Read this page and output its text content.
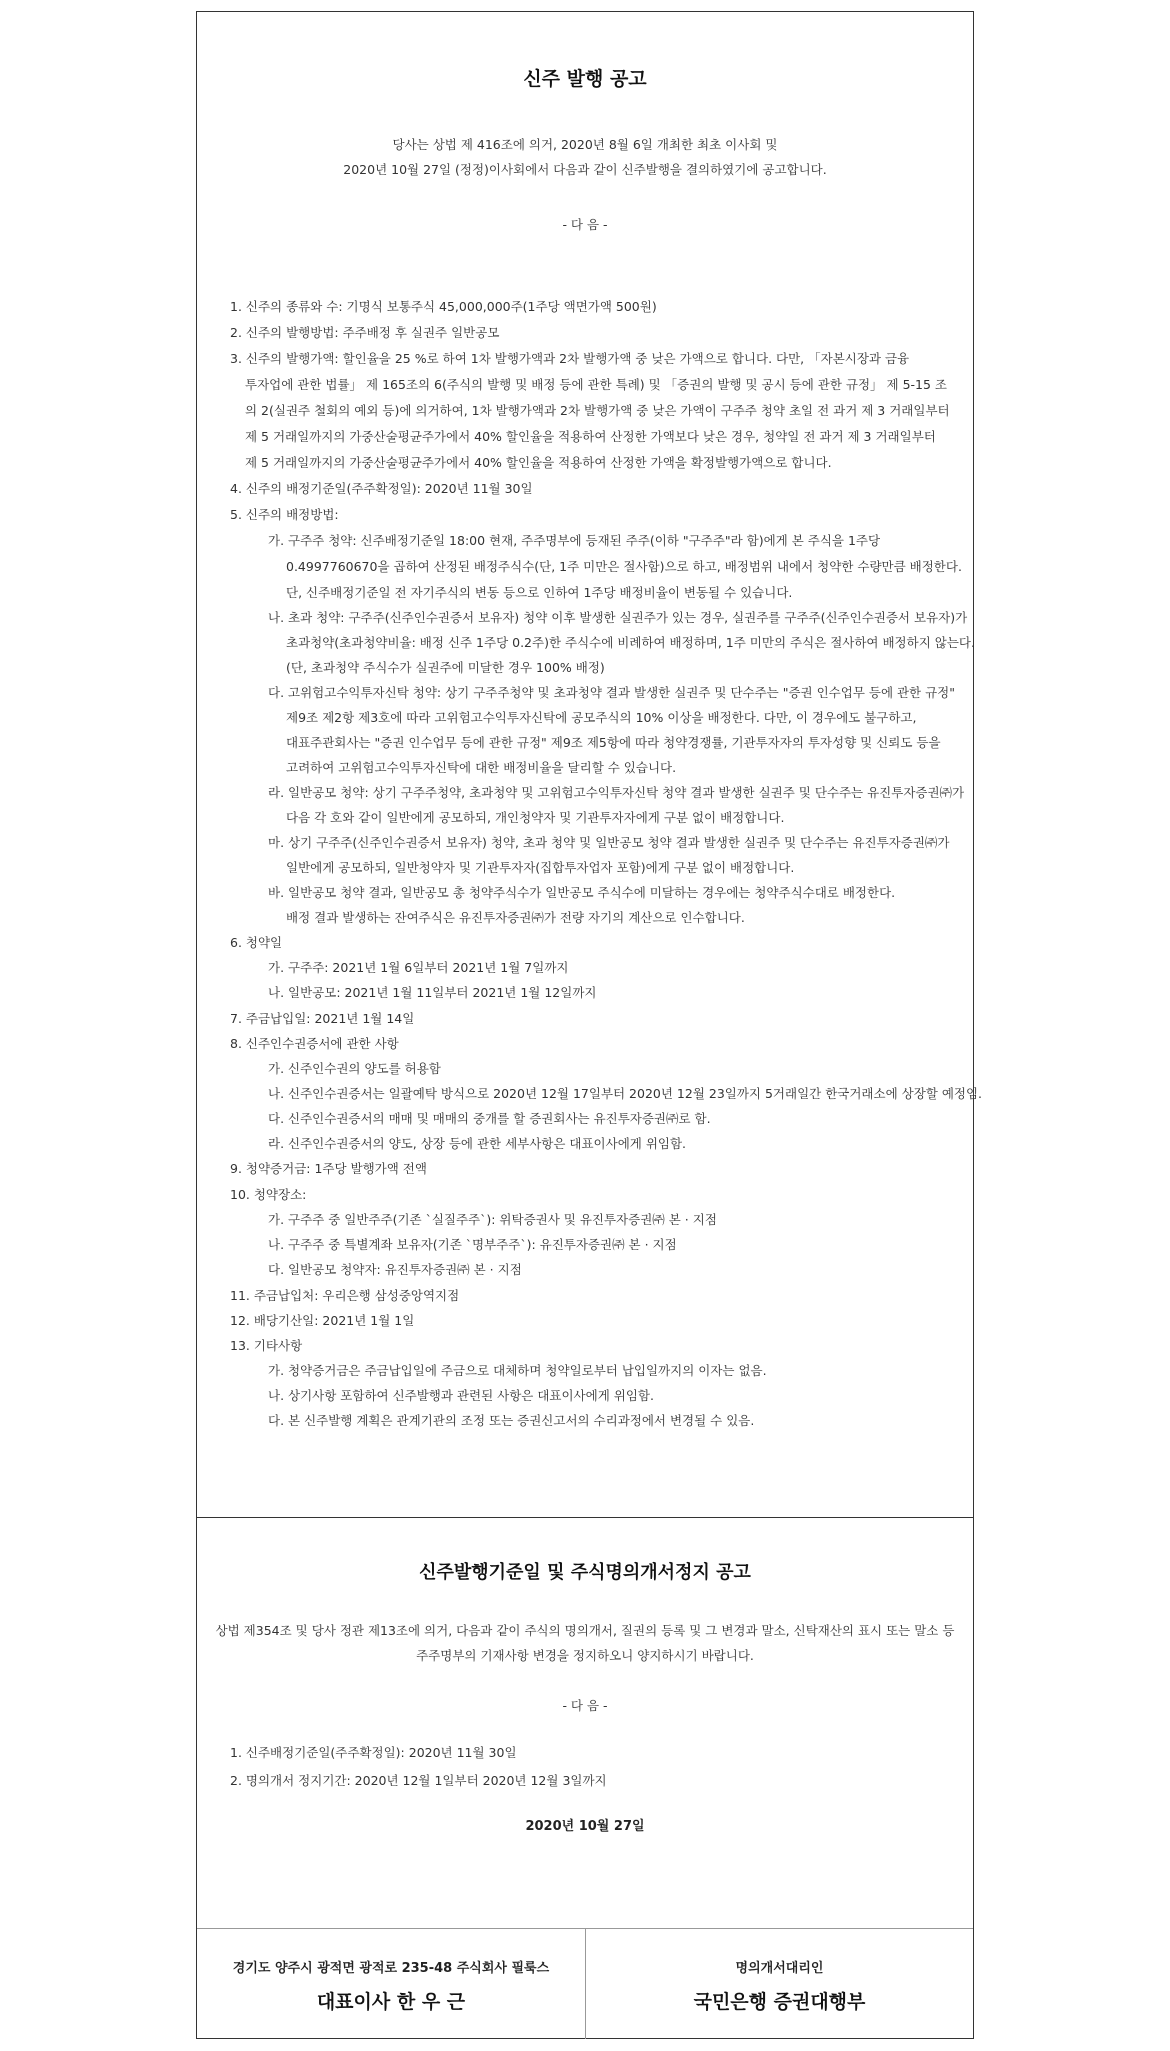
신주 발행 공고
당사는 상법 제 416조에 의거, 2020년 8월 6일 개최한 최초 이사회 및
2020년 10월 27일 (정정)이사회에서 다음과 같이 신주발행을 결의하였기에 공고합니다.
- 다 음 -
1. 신주의 종류와 수: 기명식 보통주식 45,000,000주(1주당 액면가액 500원)
2. 신주의 발행방법: 주주배정 후 실권주 일반공모
3. 신주의 발행가액: 할인율을 25 %로 하여 1차 발행가액과 2차 발행가액 중 낮은 가액으로 합니다. 다만, 「자본시장과 금융
투자업에 관한 법률」 제 165조의 6(주식의 발행 및 배정 등에 관한 특례) 및 「증권의 발행 및 공시 등에 관한 규정」 제 5-15 조
의 2(실권주 철회의 예외 등)에 의거하여, 1차 발행가액과 2차 발행가액 중 낮은 가액이 구주주 청약 초일 전 과거 제 3 거래일부터
제 5 거래일까지의 가중산술평균주가에서 40% 할인율을 적용하여 산정한 가액보다 낮은 경우, 청약일 전 과거 제 3 거래일부터
제 5 거래일까지의 가중산술평균주가에서 40% 할인율을 적용하여 산정한 가액을 확정발행가액으로 합니다.
4. 신주의 배정기준일(주주확정일): 2020년 11월 30일
5. 신주의 배정방법:
가. 구주주 청약: 신주배정기준일 18:00 현재, 주주명부에 등재된 주주(이하 "구주주"라 함)에게 본 주식을 1주당
0.4997760670을 곱하여 산정된 배정주식수(단, 1주 미만은 절사함)으로 하고, 배정범위 내에서 청약한 수량만큼 배정한다.
단, 신주배정기준일 전 자기주식의 변동 등으로 인하여 1주당 배정비율이 변동될 수 있습니다.
나. 초과 청약: 구주주(신주인수권증서 보유자) 청약 이후 발생한 실권주가 있는 경우, 실권주를 구주주(신주인수권증서 보유자)가
초과청약(초과청약비율: 배정 신주 1주당 0.2주)한 주식수에 비례하여 배정하며, 1주 미만의 주식은 절사하여 배정하지 않는다.
(단, 초과청약 주식수가 실권주에 미달한 경우 100% 배정)
다. 고위험고수익투자신탁 청약: 상기 구주주청약 및 초과청약 결과 발생한 실권주 및 단수주는 "증권 인수업무 등에 관한 규정"
제9조 제2항 제3호에 따라 고위험고수익투자신탁에 공모주식의 10% 이상을 배정한다. 다만, 이 경우에도 불구하고,
대표주관회사는 "증권 인수업무 등에 관한 규정" 제9조 제5항에 따라 청약경쟁률, 기관투자자의 투자성향 및 신뢰도 등을
고려하여 고위험고수익투자신탁에 대한 배정비율을 달리할 수 있습니다.
라. 일반공모 청약: 상기 구주주청약, 초과청약 및 고위험고수익투자신탁 청약 결과 발생한 실권주 및 단수주는 유진투자증권㈜가
다음 각 호와 같이 일반에게 공모하되, 개인청약자 및 기관투자자에게 구분 없이 배정합니다.
마. 상기 구주주(신주인수권증서 보유자) 청약, 초과 청약 및 일반공모 청약 결과 발생한 실권주 및 단수주는 유진투자증권㈜가
일반에게 공모하되, 일반청약자 및 기관투자자(집합투자업자 포함)에게 구분 없이 배정합니다.
바. 일반공모 청약 결과, 일반공모 총 청약주식수가 일반공모 주식수에 미달하는 경우에는 청약주식수대로 배정한다.
배정 결과 발생하는 잔여주식은 유진투자증권㈜가 전량 자기의 계산으로 인수합니다.
6. 청약일
가. 구주주: 2021년 1월 6일부터 2021년 1월 7일까지
나. 일반공모: 2021년 1월 11일부터 2021년 1월 12일까지
7. 주금납입일: 2021년 1월 14일
8. 신주인수권증서에 관한 사항
가. 신주인수권의 양도를 허용함
나. 신주인수권증서는 일괄예탁 방식으로 2020년 12월 17일부터 2020년 12월 23일까지 5거래일간 한국거래소에 상장할 예정임.
다. 신주인수권증서의 매매 및 매매의 중개를 할 증권회사는 유진투자증권㈜로 함.
라. 신주인수권증서의 양도, 상장 등에 관한 세부사항은 대표이사에게 위임함.
9. 청약증거금: 1주당 발행가액 전액
10. 청약장소:
가. 구주주 중 일반주주(기존 `실질주주`): 위탁증권사 및 유진투자증권㈜ 본 · 지점
나. 구주주 중 특별계좌 보유자(기존 `명부주주`): 유진투자증권㈜ 본 · 지점
다. 일반공모 청약자: 유진투자증권㈜ 본 · 지점
11. 주금납입처: 우리은행 삼성중앙역지점
12. 배당기산일: 2021년 1월 1일
13. 기타사항
가. 청약증거금은 주금납입일에 주금으로 대체하며 청약일로부터 납입일까지의 이자는 없음.
나. 상기사항 포함하여 신주발행과 관련된 사항은 대표이사에게 위임함.
다. 본 신주발행 계획은 관계기관의 조정 또는 증권신고서의 수리과정에서 변경될 수 있음.
신주발행기준일 및 주식명의개서정지 공고
상법 제354조 및 당사 정관 제13조에 의거, 다음과 같이 주식의 명의개서, 질권의 등록 및 그 변경과 말소, 신탁재산의 표시 또는 말소 등
주주명부의 기재사항 변경을 정지하오니 양지하시기 바랍니다.
- 다 음 -
1. 신주배정기준일(주주확정일): 2020년 11월 30일
2. 명의개서 정지기간: 2020년 12월 1일부터 2020년 12월 3일까지
2020년 10월 27일
경기도 양주시 광적면 광적로 235-48 주식회사 필룩스
대표이사 한 우 근
명의개서대리인
국민은행 증권대행부
